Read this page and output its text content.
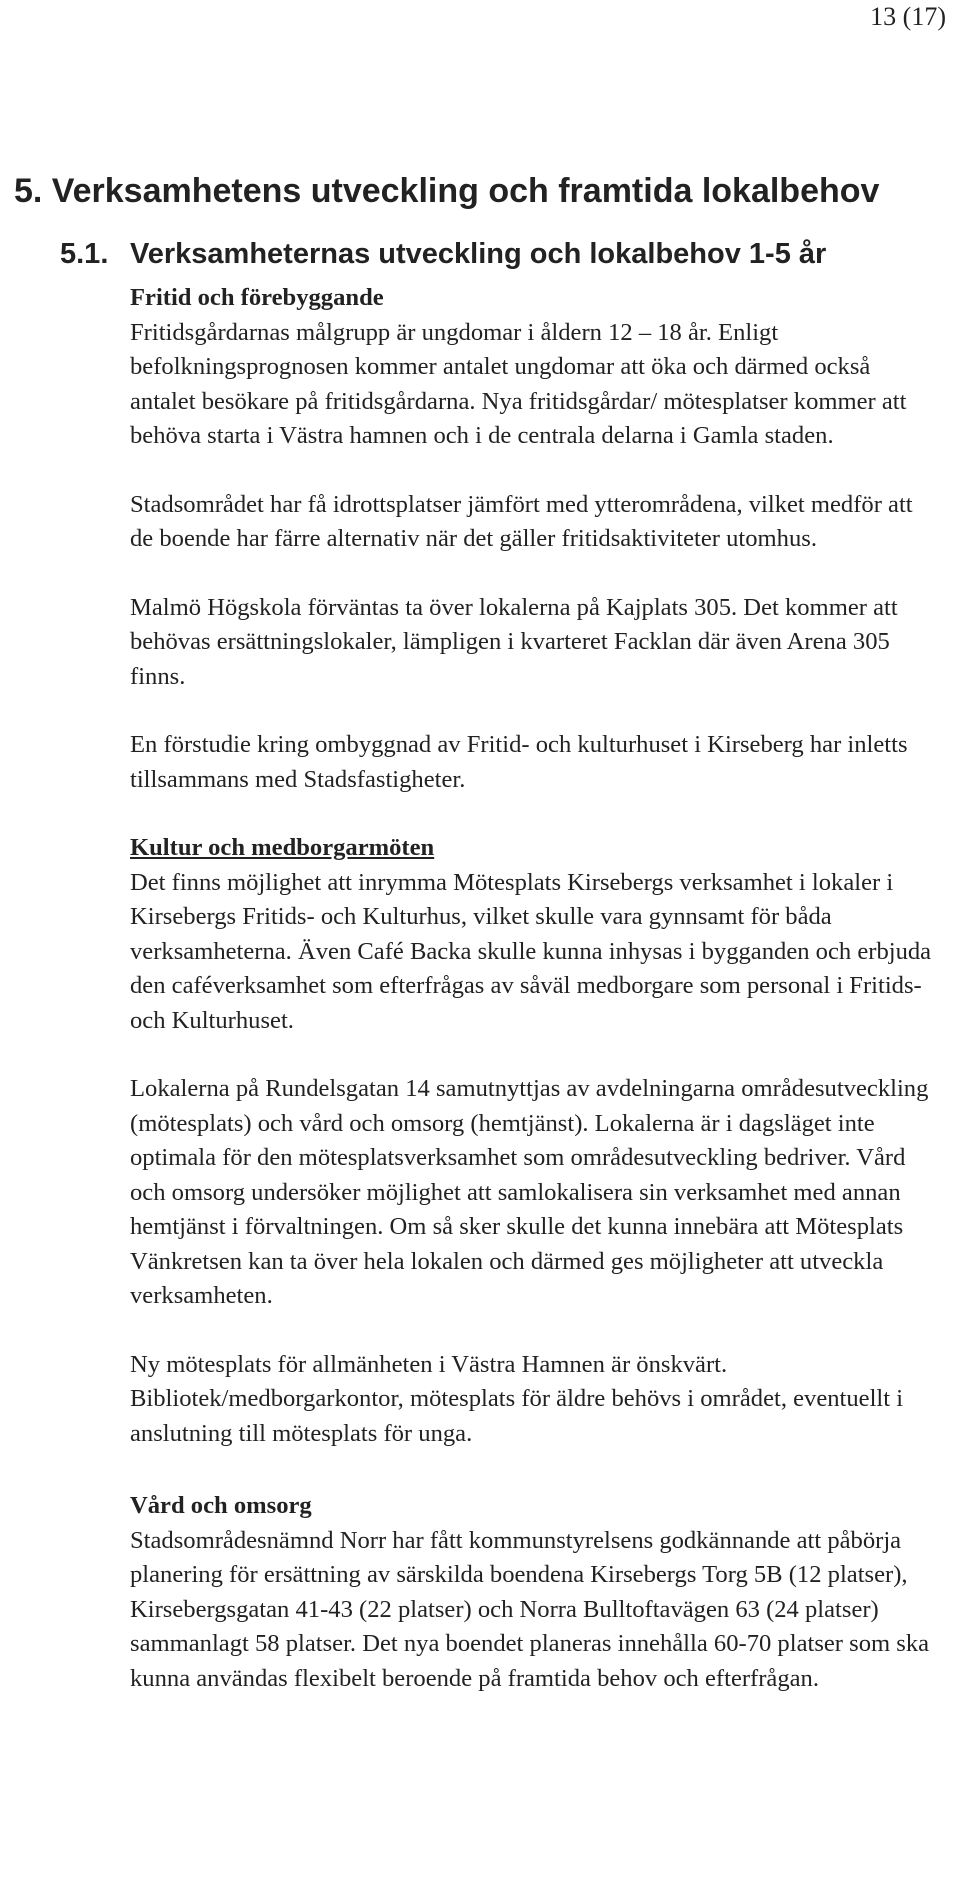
13 (17)
5. Verksamhetens utveckling och framtida lokalbehov
5.1. Verksamheternas utveckling och lokalbehov 1-5 år
Fritid och förebyggande

Fritidsgårdarnas målgrupp är ungdomar i åldern 12 – 18 år. Enligt befolkningsprognosen kommer antalet ungdomar att öka och därmed också antalet besökare på fritidsgårdarna. Nya fritidsgårdar/ mötesplatser kommer att behöva starta i Västra hamnen och i de centrala delarna i Gamla staden.

Stadsområdet har få idrottsplatser jämfört med ytterområdena, vilket medför att de boende har färre alternativ när det gäller fritidsaktiviteter utomhus.

Malmö Högskola förväntas ta över lokalerna på Kajplats 305. Det kommer att behövas ersättningslokaler, lämpligen i kvarteret Facklan där även Arena 305 finns.

En förstudie kring ombyggnad av Fritid- och kulturhuset i Kirseberg har inletts tillsammans med Stadsfastigheter.

Kultur och medborgarmöten

Det finns möjlighet att inrymma Mötesplats Kirsebergs verksamhet i lokaler i Kirsebergs Fritids- och Kulturhus, vilket skulle vara gynnsamt för båda verksamheterna. Även Café Backa skulle kunna inhysas i bygganden och erbjuda den caféverksamhet som efterfrågas av såväl medborgare som personal i Fritids- och Kulturhuset.

Lokalerna på Rundelsgatan 14 samutnyttjas av avdelningarna områdesutveckling (mötesplats) och vård och omsorg (hemtjänst). Lokalerna är i dagsläget inte optimala för den mötesplatsverksamhet som områdesutveckling bedriver. Vård och omsorg undersöker möjlighet att samlokalisera sin verksamhet med annan hemtjänst i förvaltningen. Om så sker skulle det kunna innebära att Mötesplats Vänkretsen kan ta över hela lokalen och därmed ges möjligheter att utveckla verksamheten.

Ny mötesplats för allmänheten i Västra Hamnen är önskvärt. Bibliotek/medborgarkontor, mötesplats för äldre behövs i området, eventuellt i anslutning till mötesplats för unga.

Vård och omsorg

Stadsområdesnämnd Norr har fått kommunstyrelsens godkännande att påbörja planering för ersättning av särskilda boendena Kirsebergs Torg 5B (12 platser), Kirsebergsgatan 41-43 (22 platser) och Norra Bulltoftavägen 63 (24 platser) sammanlagt 58 platser. Det nya boendet planeras innehålla 60-70 platser som ska kunna användas flexibelt beroende på framtida behov och efterfrågan.
